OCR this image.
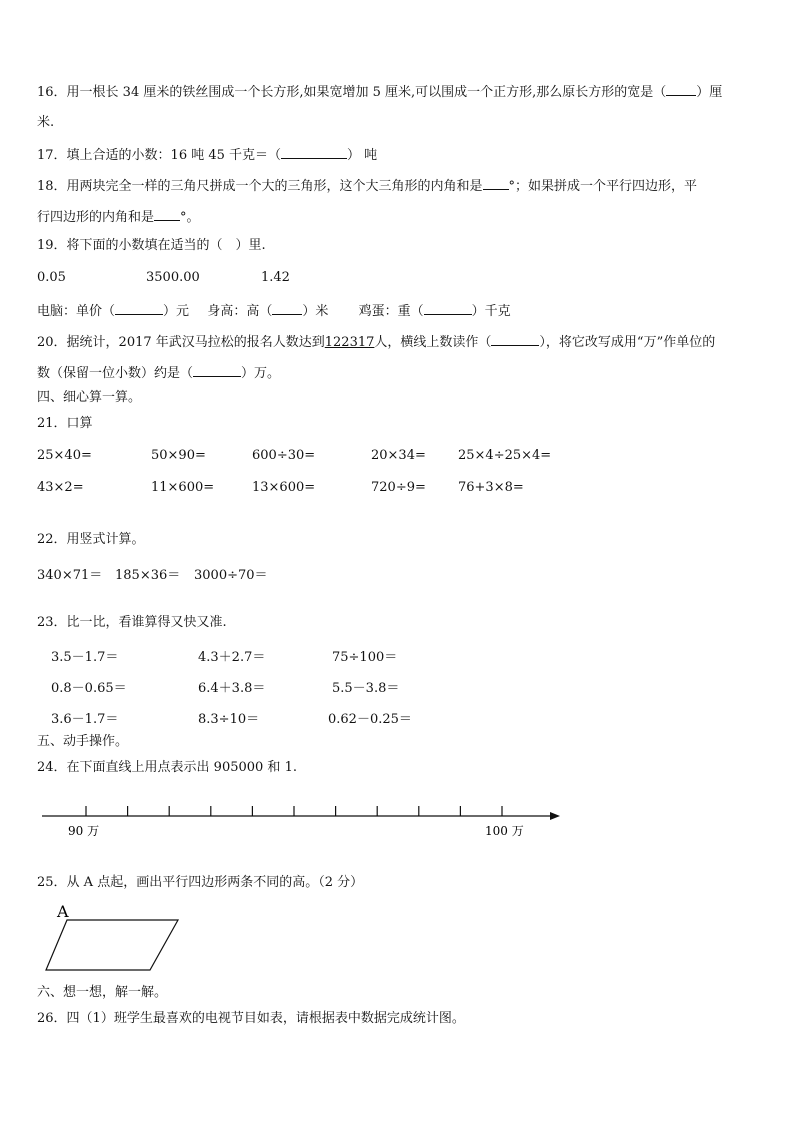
16．用一根长 34 厘米的铁丝围成一个长方形,如果宽增加 5 厘米,可以围成一个正方形,那么原长方形的宽是（ ）厘
米.
17．填上合适的小数：16 吨 45 千克＝（	） 吨
18．用两块完全一样的三角尺拼成一个大的三角形，这个大三角形的内角和是 °；如果拼成一个平行四边形，平
行四边形的内角和是 °。
19．将下面的小数填在适当的（　）里.
0.05	3500.00	1.42
电脑：单价（	）元 身高：高（ ）米 鸡蛋：重（	）千克
20．据统计，2017 年武汉马拉松的报名人数达到122317人，横线上数读作（	），将它改写成用“万”作单位的
数（保留一位小数）约是（	）万。
四、细心算一算。
21．口算
25×40=	50×90=	600÷30=	20×34= 25×4÷25×4=
43×2=	11×600=	13×600=	720÷9= 76+3×8=
22．用竖式计算。
340×71＝ 185×36＝ 3000÷70＝
23．比一比，看谁算得又快又准.
3.5－1.7＝	4.3＋2.7＝	75÷100＝
0.8－0.65＝	6.4＋3.8＝	5.5－3.8＝
3.6－1.7＝	8.3÷10＝	0.62－0.25＝
五、动手操作。
24．在下面直线上用点表示出 905000 和 1.
90 万	100 万
25．从 A 点起，画出平行四边形两条不同的高。（2 分）
A
六、想一想，解一解。
26．四（1）班学生最喜欢的电视节目如表，请根据表中数据完成统计图。
